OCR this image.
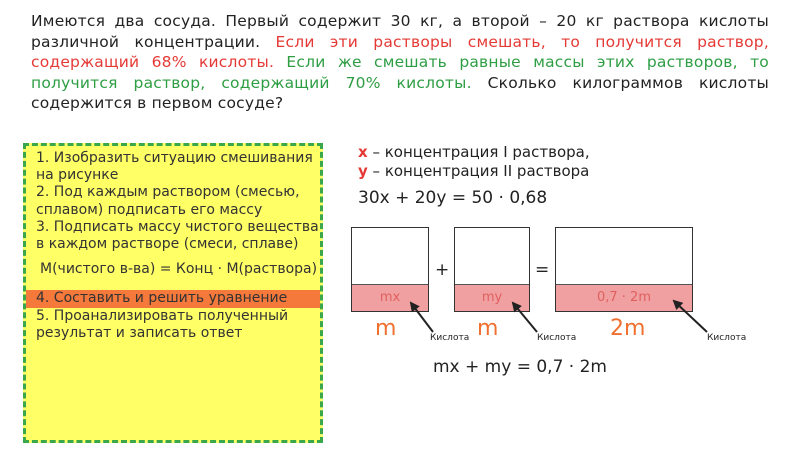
Имеются два сосуда. Первый содержит 30 кг, а второй – 20 кг раствора кислоты различной концентрации. Если эти растворы смешать, то получится раствор, содержащий 68% кислоты. Если же смешать равные массы этих растворов, то получится раствор, содержащий 70% кислоты. Сколько килограммов кислоты содержится в первом сосуде?
1. Изобразить ситуацию смешивания на рисунке
2. Под каждым раствором (смесью, сплавом) подписать его массу
3. Подписать массу чистого вещества в каждом растворе (смеси, сплаве)
M(чистого в-ва) = Конц · M(раствора)
4. Составить и решить уравнение
5. Проанализировать полученный результат и записать ответ
x – концентрация I раствора,
y – концентрация II раствора
30x + 20y = 50 · 0,68
mx
+
my
=
0,7 · 2m
m	m	2m
Кислота	Кислота	Кислота
mx + my = 0,7 · 2m
